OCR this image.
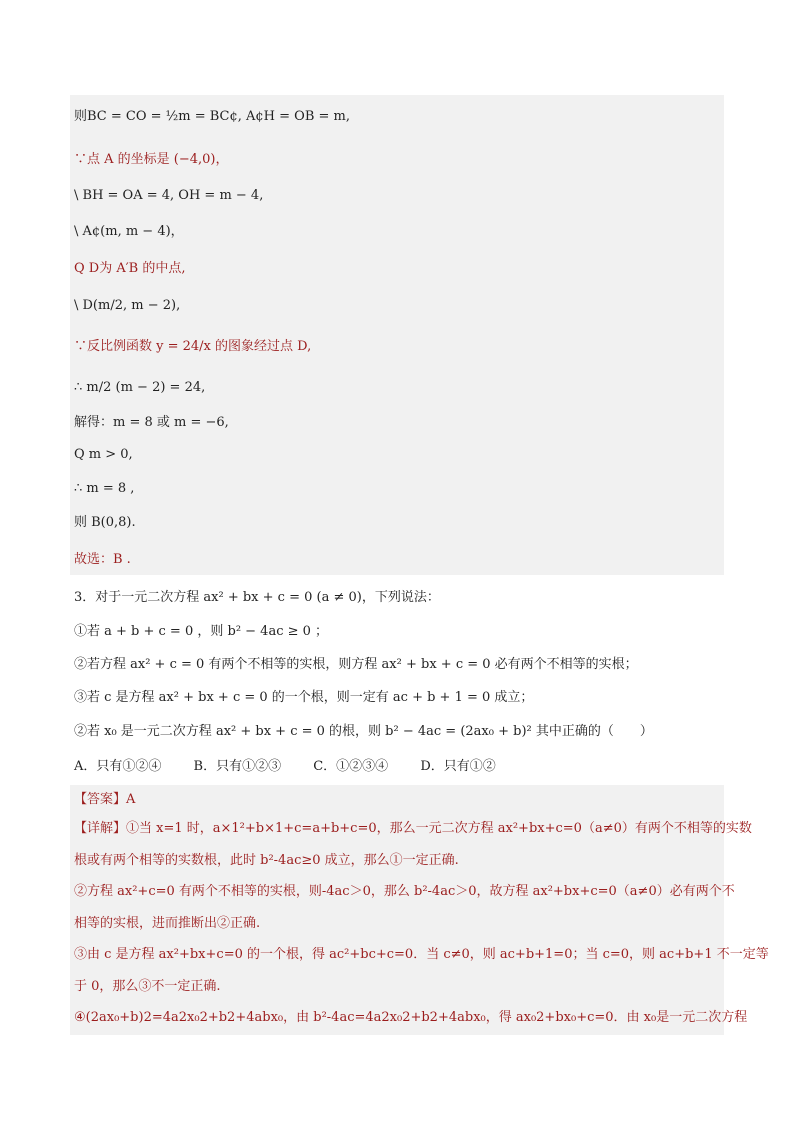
则BC = CO = ½m = BC¢, A¢H = OB = m,
∵点 A 的坐标是 (−4,0)，
\ BH = OA = 4, OH = m − 4,
\ A¢(m, m − 4)，
Q D为 A′B 的中点,
\ D(m/2, m − 2),
∵反比例函数 y = 24/x 的图象经过点 D,
∴ m/2 (m − 2) = 24,
解得：m = 8 或 m = −6,
Q m > 0,
∴ m = 8 ,
则 B(0,8).
故选：B .
3．对于一元二次方程 ax² + bx + c = 0 (a ≠ 0)，下列说法：
①若 a + b + c = 0 ，则 b² − 4ac ≥ 0 ；
②若方程 ax² + c = 0 有两个不相等的实根，则方程 ax² + bx + c = 0 必有两个不相等的实根；
③若 c 是方程 ax² + bx + c = 0 的一个根，则一定有 ac + b + 1 = 0 成立；
②若 x₀ 是一元二次方程 ax² + bx + c = 0 的根，则 b² − 4ac = (2ax₀ + b)² 其中正确的（　　）
A．只有①②④ B．只有①②③ C．①②③④ D．只有①②
【答案】A
【详解】①当 x=1 时，a×1²+b×1+c=a+b+c=0，那么一元二次方程 ax²+bx+c=0（a≠0）有两个不相等的实数
根或有两个相等的实数根，此时 b²-4ac≥0 成立，那么①一定正确.
②方程 ax²+c=0 有两个不相等的实根，则-4ac＞0，那么 b²-4ac＞0，故方程 ax²+bx+c=0（a≠0）必有两个不
相等的实根，进而推断出②正确.
③由 c 是方程 ax²+bx+c=0 的一个根，得 ac²+bc+c=0．当 c≠0，则 ac+b+1=0；当 c=0，则 ac+b+1 不一定等
于 0，那么③不一定正确.
④(2ax₀+b)2=4a2x₀2+b2+4abx₀，由 b²-4ac=4a2x₀2+b2+4abx₀，得 ax₀2+bx₀+c=0．由 x₀是一元二次方程
